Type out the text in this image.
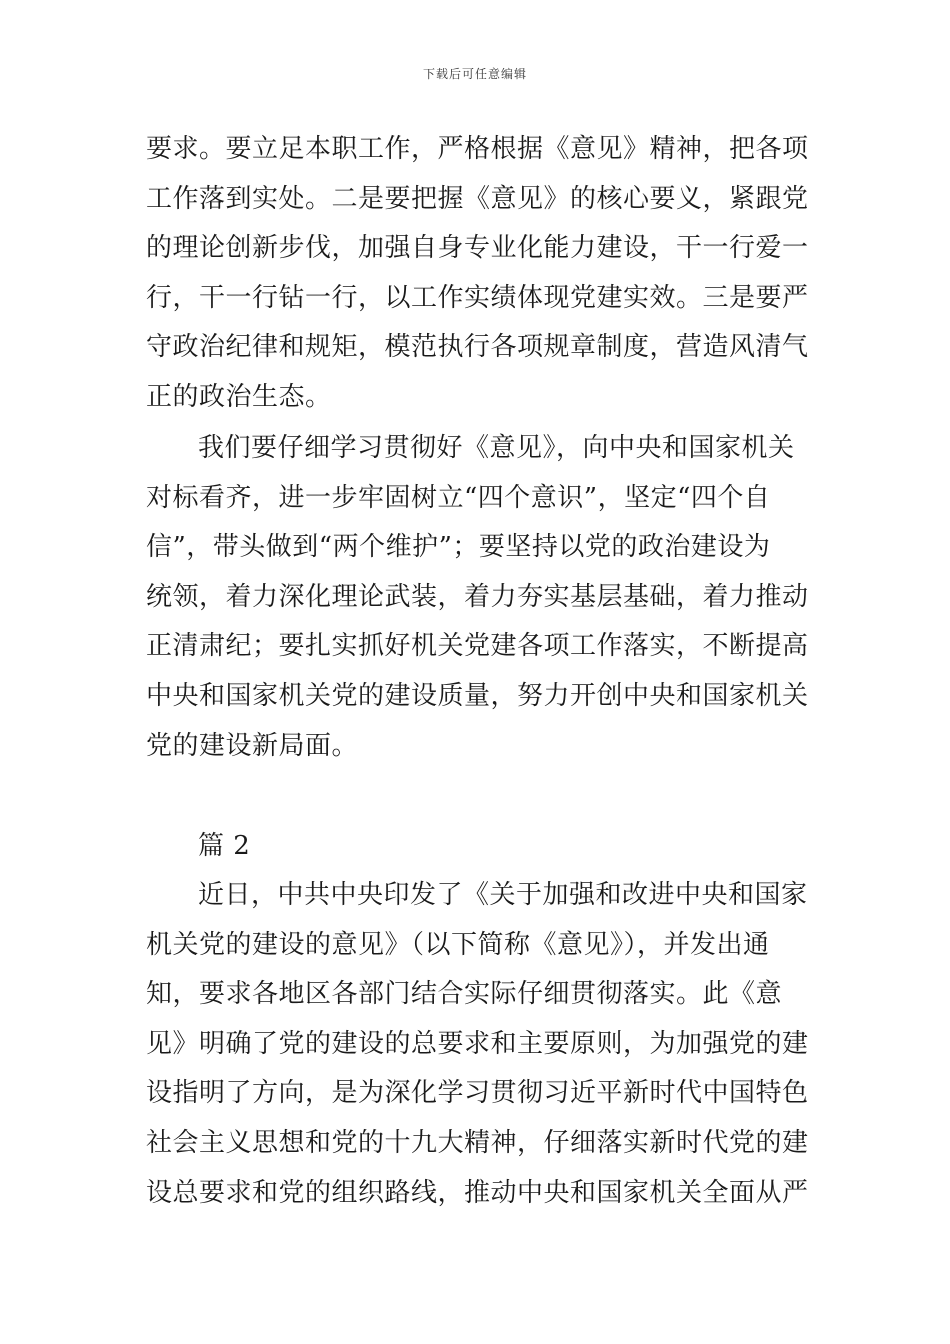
下载后可任意编辑
要求。要立足本职工作，严格根据《意见》精神，把各项
工作落到实处。二是要把握《意见》的核心要义，紧跟党
的理论创新步伐，加强自身专业化能力建设，干一行爱一
行，干一行钻一行，以工作实绩体现党建实效。三是要严
守政治纪律和规矩，模范执行各项规章制度，营造风清气
正的政治生态。
我们要仔细学习贯彻好《意见》，向中央和国家机关
对标看齐，进一步牢固树立“四个意识”，坚定“四个自
信”，带头做到“两个维护”；要坚持以党的政治建设为
统领，着力深化理论武装，着力夯实基层基础，着力推动
正清肃纪；要扎实抓好机关党建各项工作落实，不断提高
中央和国家机关党的建设质量，努力开创中央和国家机关
党的建设新局面。
篇 2
近日，中共中央印发了《关于加强和改进中央和国家
机关党的建设的意见》（以下简称《意见》），并发出通
知，要求各地区各部门结合实际仔细贯彻落实。此《意
见》明确了党的建设的总要求和主要原则，为加强党的建
设指明了方向，是为深化学习贯彻习近平新时代中国特色
社会主义思想和党的十九大精神，仔细落实新时代党的建
设总要求和党的组织路线，推动中央和国家机关全面从严
